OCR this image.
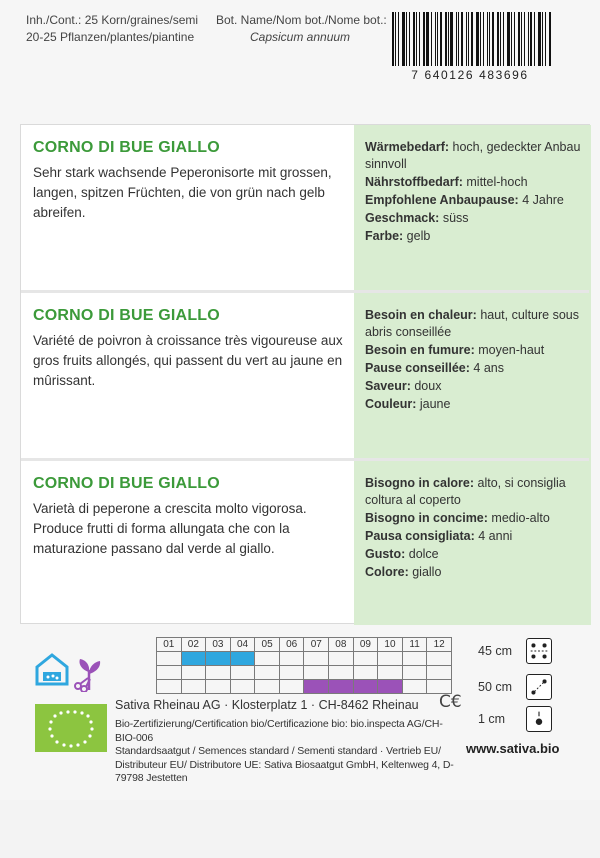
Inh./Cont.: 25 Korn/graines/semi
20-25 Pflanzen/plantes/piantine
Bot. Name/Nom bot./Nome bot.:
Capsicum annuum
7 640126 483696
CORNO DI BUE GIALLO
Sehr stark wachsende Peperonisorte mit grossen, langen, spitzen Früchten, die von grün nach gelb abreifen.
Wärmebedarf: hoch, gedeckter Anbau sinnvoll
Nährstoffbedarf: mittel-hoch
Empfohlene Anbaupause: 4 Jahre
Geschmack: süss
Farbe: gelb
CORNO DI BUE GIALLO
Variété de poivron à croissance très vigoureuse aux gros fruits allongés, qui passent du vert au jaune en mûrissant.
Besoin en chaleur: haut, culture sous abris conseillée
Besoin en fumure: moyen-haut
Pause conseillée: 4 ans
Saveur: doux
Couleur: jaune
CORNO DI BUE GIALLO
Varietà di peperone a crescita molto vigorosa. Produce frutti di forma allungata che con la maturazione passano dal verde al giallo.
Bisogno in calore: alto, si consiglia coltura al coperto
Bisogno in concime: medio-alto
Pausa consigliata: 4 anni
Gusto: dolce
Colore: giallo
01	02	03	04	05	06	07	08	09	10	11	12

Sativa Rheinau AG · Klosterplatz 1 · CH-8462 Rheinau C€
Bio-Zertifizierung/Certification bio/Certificazione bio: bio.inspecta AG/CH-BIO-006
Standardsaatgut / Semences standard / Sementi standard · Vertrieb EU/
Distributeur EU/ Distributore UE: Sativa Biosaatgut GmbH, Keltenweg 4, D-79798 Jestetten
45 cm
50 cm
1 cm
www.sativa.bio
